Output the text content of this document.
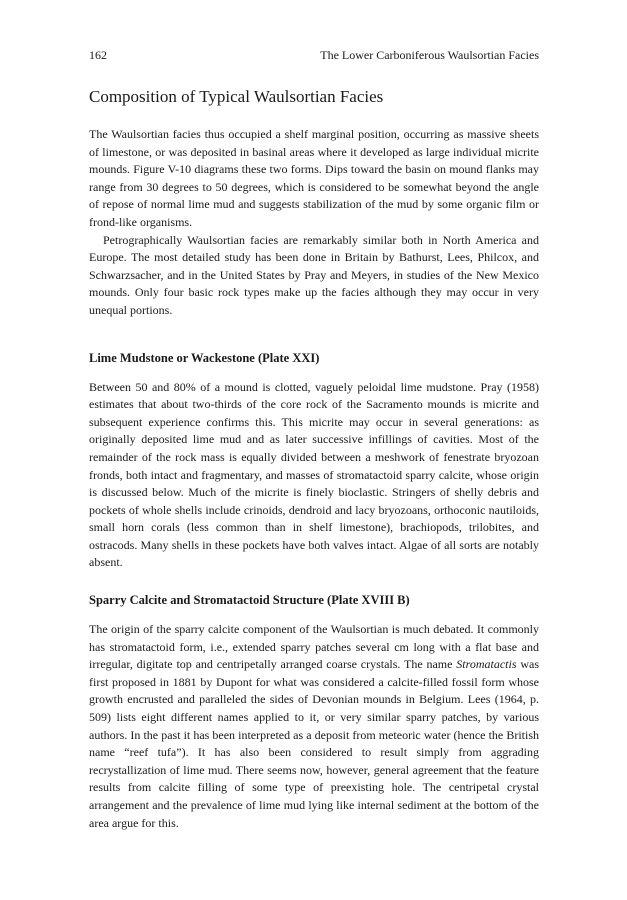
162	The Lower Carboniferous Waulsortian Facies
Composition of Typical Waulsortian Facies

The Waulsortian facies thus occupied a shelf marginal position, occurring as massive sheets of limestone, or was deposited in basinal areas where it developed as large individual micrite mounds. Figure V-10 diagrams these two forms. Dips toward the basin on mound flanks may range from 30 degrees to 50 degrees, which is considered to be somewhat beyond the angle of repose of normal lime mud and suggests stabilization of the mud by some organic film or frond-like organisms.

Petrographically Waulsortian facies are remarkably similar both in North America and Europe. The most detailed study has been done in Britain by Bathurst, Lees, Philcox, and Schwarzsacher, and in the United States by Pray and Meyers, in studies of the New Mexico mounds. Only four basic rock types make up the facies although they may occur in very unequal portions.

Lime Mudstone or Wackestone (Plate XXI)

Between 50 and 80% of a mound is clotted, vaguely peloidal lime mudstone. Pray (1958) estimates that about two-thirds of the core rock of the Sacramento mounds is micrite and subsequent experience confirms this. This micrite may occur in several generations: as originally deposited lime mud and as later successive infillings of cavities. Most of the remainder of the rock mass is equally divided between a meshwork of fenestrate bryozoan fronds, both intact and fragmentary, and masses of stromatactoid sparry calcite, whose origin is discussed below. Much of the micrite is finely bioclastic. Stringers of shelly debris and pockets of whole shells include crinoids, dendroid and lacy bryozoans, orthoconic nautiloids, small horn corals (less common than in shelf limestone), brachiopods, trilobites, and ostracods. Many shells in these pockets have both valves intact. Algae of all sorts are notably absent.

Sparry Calcite and Stromatactoid Structure (Plate XVIII B)

The origin of the sparry calcite component of the Waulsortian is much debated. It commonly has stromatactoid form, i.e., extended sparry patches several cm long with a flat base and irregular, digitate top and centripetally arranged coarse crystals. The name Stromatactis was first proposed in 1881 by Dupont for what was considered a calcite-filled fossil form whose growth encrusted and paralleled the sides of Devonian mounds in Belgium. Lees (1964, p. 509) lists eight different names applied to it, or very similar sparry patches, by various authors. In the past it has been interpreted as a deposit from meteoric water (hence the British name “reef tufa”). It has also been considered to result simply from aggrading recrystallization of lime mud. There seems now, however, general agreement that the feature results from calcite filling of some type of preexisting hole. The centripetal crystal arrangement and the prevalence of lime mud lying like internal sediment at the bottom of the area argue for this.
